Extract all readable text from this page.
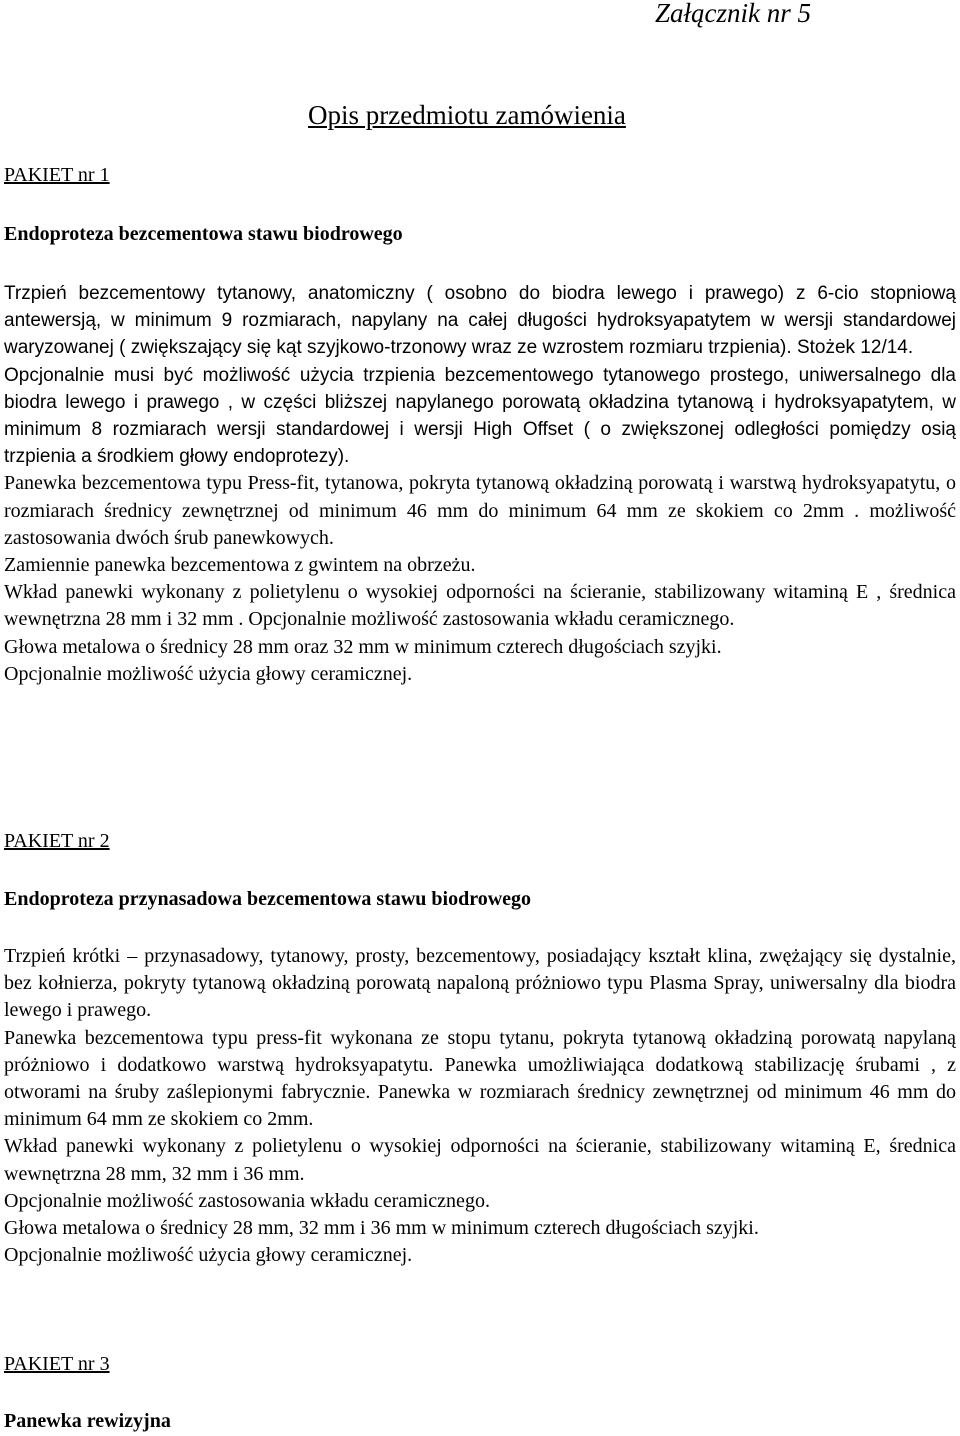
Załącznik nr 5
Opis przedmiotu zamówienia
PAKIET nr 1
Endoproteza bezcementowa stawu biodrowego

Trzpień bezcementowy tytanowy, anatomiczny ( osobno do biodra lewego i prawego) z 6-cio stopniową antewersją, w minimum 9 rozmiarach, napylany na całej długości hydroksyapatytem w wersji standardowej waryzowanej ( zwiększający się kąt szyjkowo-trzonowy wraz ze wzrostem rozmiaru trzpienia). Stożek 12/14.

Opcjonalnie musi być możliwość użycia trzpienia bezcementowego tytanowego prostego, uniwersalnego dla biodra lewego i prawego , w części bliższej napylanego porowatą okładzina tytanową i hydroksyapatytem, w minimum 8 rozmiarach wersji standardowej i wersji High Offset ( o zwiększonej odległości pomiędzy osią trzpienia a środkiem głowy endoprotezy).

Panewka bezcementowa typu Press-fit, tytanowa, pokryta tytanową okładziną porowatą i warstwą hydroksyapatytu, o rozmiarach średnicy zewnętrznej od minimum 46 mm do minimum 64 mm ze skokiem co 2mm . możliwość zastosowania dwóch śrub panewkowych.

Zamiennie panewka bezcementowa z gwintem na obrzeżu.

Wkład panewki wykonany z polietylenu o wysokiej odporności na ścieranie, stabilizowany witaminą E , średnica wewnętrzna 28 mm i 32 mm . Opcjonalnie możliwość zastosowania wkładu ceramicznego.

Głowa metalowa o średnicy 28 mm oraz 32 mm w minimum czterech długościach szyjki.

Opcjonalnie możliwość użycia głowy ceramicznej.

PAKIET nr 2
Endoproteza przynasadowa bezcementowa stawu biodrowego

Trzpień krótki – przynasadowy, tytanowy, prosty, bezcementowy, posiadający kształt klina, zwężający się dystalnie, bez kołnierza, pokryty tytanową okładziną porowatą napaloną próżniowo typu Plasma Spray, uniwersalny dla biodra lewego i prawego.

Panewka bezcementowa typu press-fit wykonana ze stopu tytanu, pokryta tytanową okładziną porowatą napylaną próżniowo i dodatkowo warstwą hydroksyapatytu. Panewka umożliwiająca dodatkową stabilizację śrubami , z otworami na śruby zaślepionymi fabrycznie. Panewka w rozmiarach średnicy zewnętrznej od minimum 46 mm do minimum 64 mm ze skokiem co 2mm.

Wkład panewki wykonany z polietylenu o wysokiej odporności na ścieranie, stabilizowany witaminą E, średnica wewnętrzna 28 mm, 32 mm i 36 mm.

Opcjonalnie możliwość zastosowania wkładu ceramicznego.

Głowa metalowa o średnicy 28 mm, 32 mm i 36 mm w minimum czterech długościach szyjki.

Opcjonalnie możliwość użycia głowy ceramicznej.

PAKIET nr 3
Panewka rewizyjna
